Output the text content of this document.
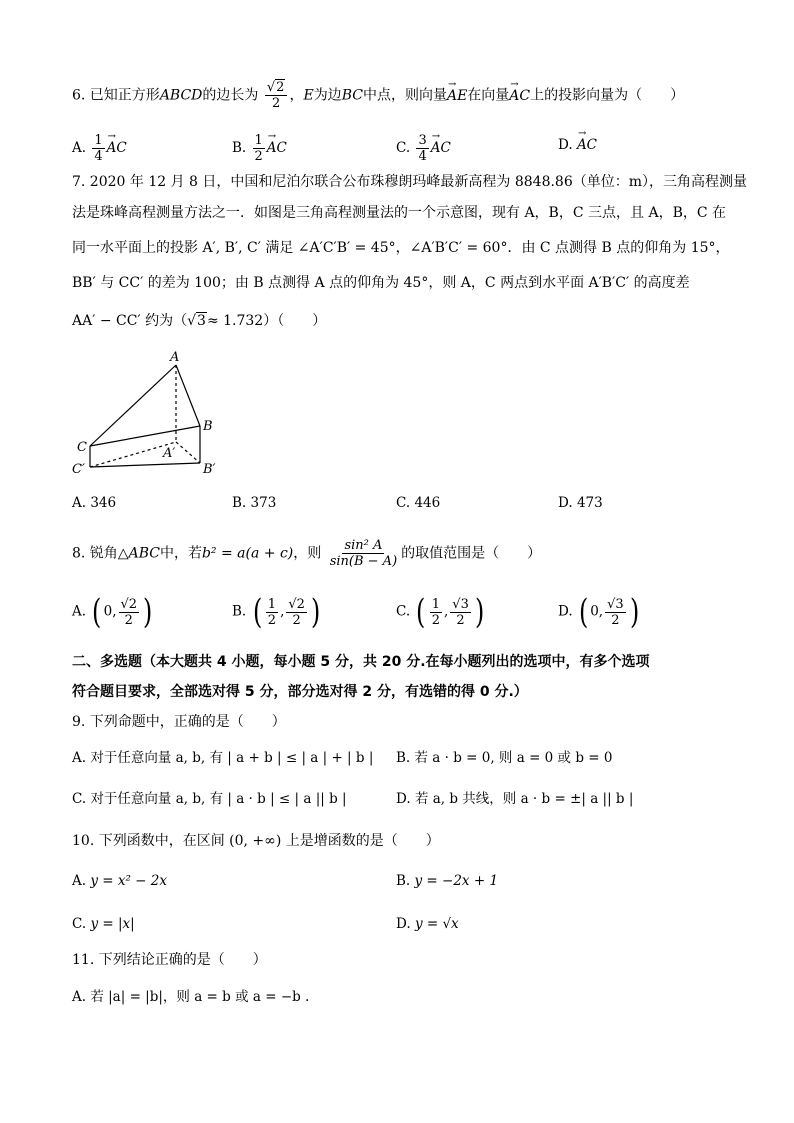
6. 已知正方形ABCD的边长为 $\frac{√2}{2}$ ，E为边BC中点，则向量→ AE在向量→ AC上的投影向量为（　　）
A. $\frac{1}{4}$ → AC	B. $\frac{1}{2}$ → AC	C. $\frac{3}{4}$ → AC	D. → AC
7. 2020 年 12 月 8 日，中国和尼泊尔联合公布珠穆朗玛峰最新高程为 8848.86（单位：m），三角高程测量
法是珠峰高程测量方法之一．如图是三角高程测量法的一个示意图，现有 A，B，C 三点，且 A，B，C 在
同一水平面上的投影 A′, B′, C′ 满足 ∠A′C′B′ = 45°，∠A′B′C′ = 60°．由 C 点测得 B 点的仰角为 15°，
BB′ 与 CC′ 的差为 100；由 B 点测得 A 点的仰角为 45°，则 A，C 两点到水平面 A′B′C′ 的高度差
AA′ − CC′ 约为（√3≈ 1.732）（　　）
A
B
C	A′
B′
C′
A. 346	B. 373	C. 446	D. 473
8. 锐角△ABC中，若b² = a(a + c)，则 $\frac{\text{sin² A}}{\sin(B - A)}$ 的取值范围是（　　）
A. ( 0, $\frac{√2}{2}$ )	B. ( $\frac{1}{2}$ , $\frac{√2}{2}$ )	C. ( $\frac{1}{2}$ , $\frac{√3}{2}$ )	D. ( 0, $\frac{√3}{2}$ )
二、多选题（本大题共 4 小题，每小题 5 分，共 20 分.在每小题列出的选项中，有多个选项
符合题目要求，全部选对得 5 分，部分选对得 2 分，有选错的得 0 分.）
9. 下列命题中，正确的是（　　）
A. 对于任意向量 a, b, 有 | a + b | ≤ | a | + | b | B. 若 a · b = 0, 则 a = 0 或 b = 0
C. 对于任意向量 a, b, 有 | a · b | ≤ | a || b |	D. 若 a, b 共线，则 a · b = ±| a || b |
10. 下列函数中，在区间 (0, +∞) 上是增函数的是（　　）
A. y = x² − 2x	B. y = −2x + 1
C. y = |x|	D. y = √x
11. 下列结论正确的是（　　）
A. 若 |a| = |b|，则 a = b 或 a = −b .
